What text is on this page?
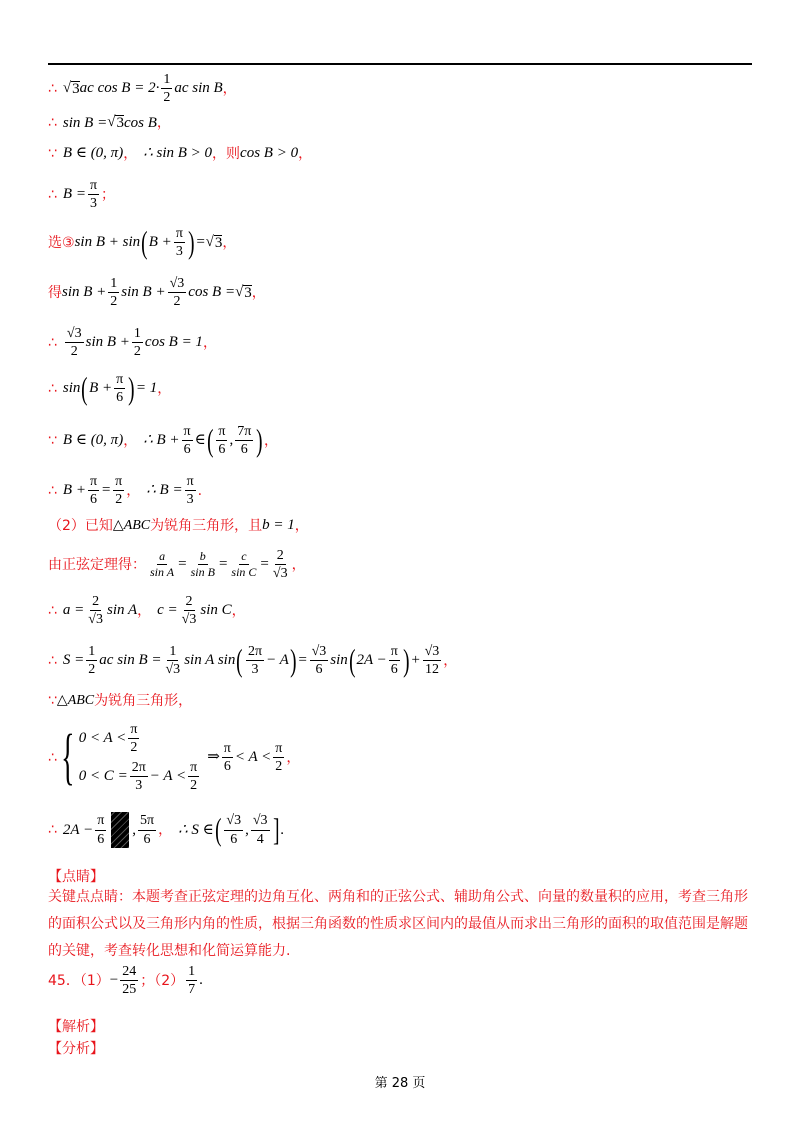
∴ √ 3 ac $\cos B = 2\cdot \frac{1}{2}$ ac sin B ，
∴ sin B = √ 3 cos B ，
∵ B ∈ (0, π) ， ∴ sin B > 0 ， 则 cos B > 0 ，
∴ $B = \frac{\pi}{3}$ ；
选③ sin B + sin ( $B + \frac{\pi}{3}$ ) = √ 3 ，
得 $\sin B + \frac{1}{2}$ $\sin B + \frac{√3}{2}$ cos B = √ 3 ，
∴ $\frac{√3}{2}$ $\sin B + \frac{1}{2}$ cos B = 1 ，
∴ sin ( $B + \frac{\pi}{6}$ ) = 1 ，
∵ B ∈ (0, π) ， ∴ $B + \frac{\pi}{6}$ ∈ ( $\frac{\pi}{6}$ , $\frac{7\pi}{6}$ ) ，
∴ $B + \frac{\pi}{6} = \frac{\pi}{2}$ ， ∴ $B = \frac{\pi}{3}$ .
（2）已知 △ABC 为锐角三角形，且 b = 1 ，
由正弦定理得： $\frac{a}{\text{sin A}} = \frac{b}{\text{sin B}} = \frac{c}{\text{sin C}} = \frac{2}{√3}$ ，
∴ $a = \frac{2}{√3}$ sin A ， $c = \frac{2}{√3}$ sin C ，
∴ $S = \frac{1}{2}$ ac $\sin B = \frac{1}{√3}$ sin A sin ( $\frac{2\pi}{3} - A$ ) = $\frac{√3}{6}$ sin ( $2A - \frac{\pi}{6}$ ) + $\frac{√3}{12}$ ，
∵ △ABC 为锐角三角形 ，
∴ { $0 < A < \frac{\pi}{2}$
$0 < C = \frac{2\pi}{3} - A < \frac{\pi}{2}$
⇒ $\frac{\pi}{6} < A < \frac{\pi}{2}$ ，
∴ $2A - \frac{\pi}{6}$ , $\frac{5\pi}{6}$ ， ∴ S ∈ ( $\frac{√3}{6}$ , $\frac{√3}{4}$ ] .
【点睛】
关键点点睛：本题考查正弦定理的边角互化、两角和的正弦公式、辅助角公式、向量的数量积的应用，考查三角形的面积公式以及三角形内角的性质，根据三角函数的性质求区间内的最值从而求出三角形的面积的取值范围是解题的关键，考查转化思想和化简运算能力.
45．$(1) - \frac{24}{25}$ ；$(2) \frac{1}{7}$ .
【解析】
【分析】
第 28 页
